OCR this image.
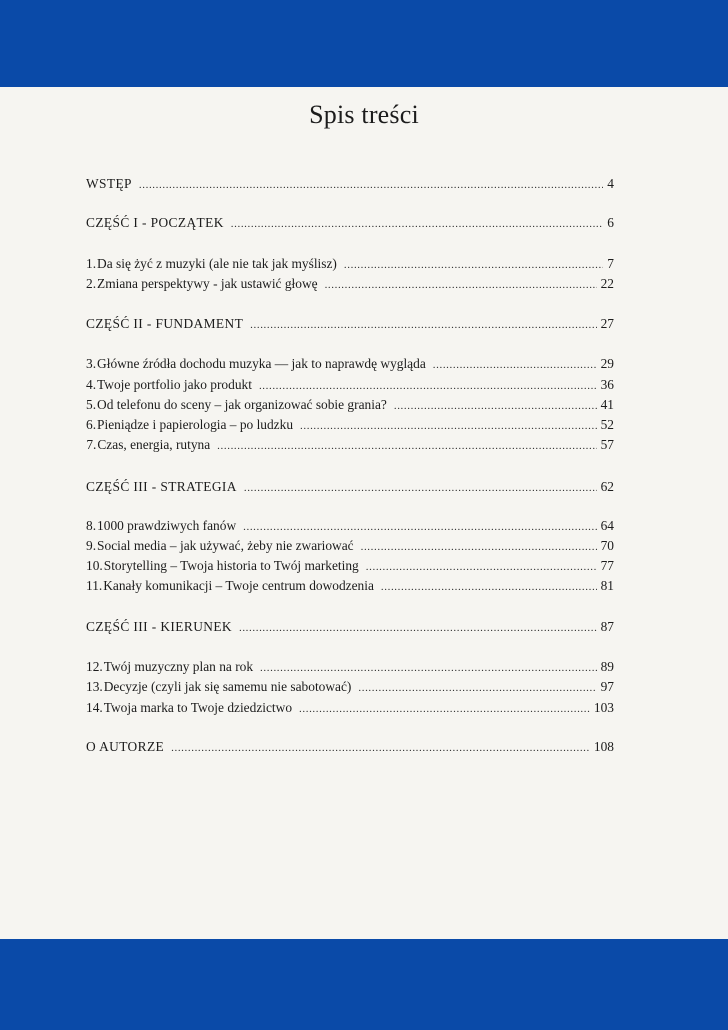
Spis treści
WSTĘP .....	4
CZĘŚĆ I - POCZĄTEK .....	6
1. Da się żyć z muzyki (ale nie tak jak myślisz) .....	7
2. Zmiana perspektywy - jak ustawić głowę .....	22
CZĘŚĆ II - FUNDAMENT .....	27
3. Główne źródła dochodu muzyka — jak to naprawdę wygląda .....	29
4. Twoje portfolio jako produkt .....	36
5. Od telefonu do sceny – jak organizować sobie grania? .....	41
6. Pieniądze i papierologia – po ludzku .....	52
7. Czas, energia, rutyna .....	57
CZĘŚĆ III - STRATEGIA .....	62
8. 1000 prawdziwych fanów .....	64
9. Social media – jak używać, żeby nie zwariować .....	70
10. Storytelling – Twoja historia to Twój marketing .....	77
11. Kanały komunikacji – Twoje centrum dowodzenia .....	81
CZĘŚĆ III - KIERUNEK .....	87
12. Twój muzyczny plan na rok .....	89
13. Decyzje (czyli jak się samemu nie sabotować) .....	97
14. Twoja marka to Twoje dziedzictwo .....	103
O AUTORZE .....	108
